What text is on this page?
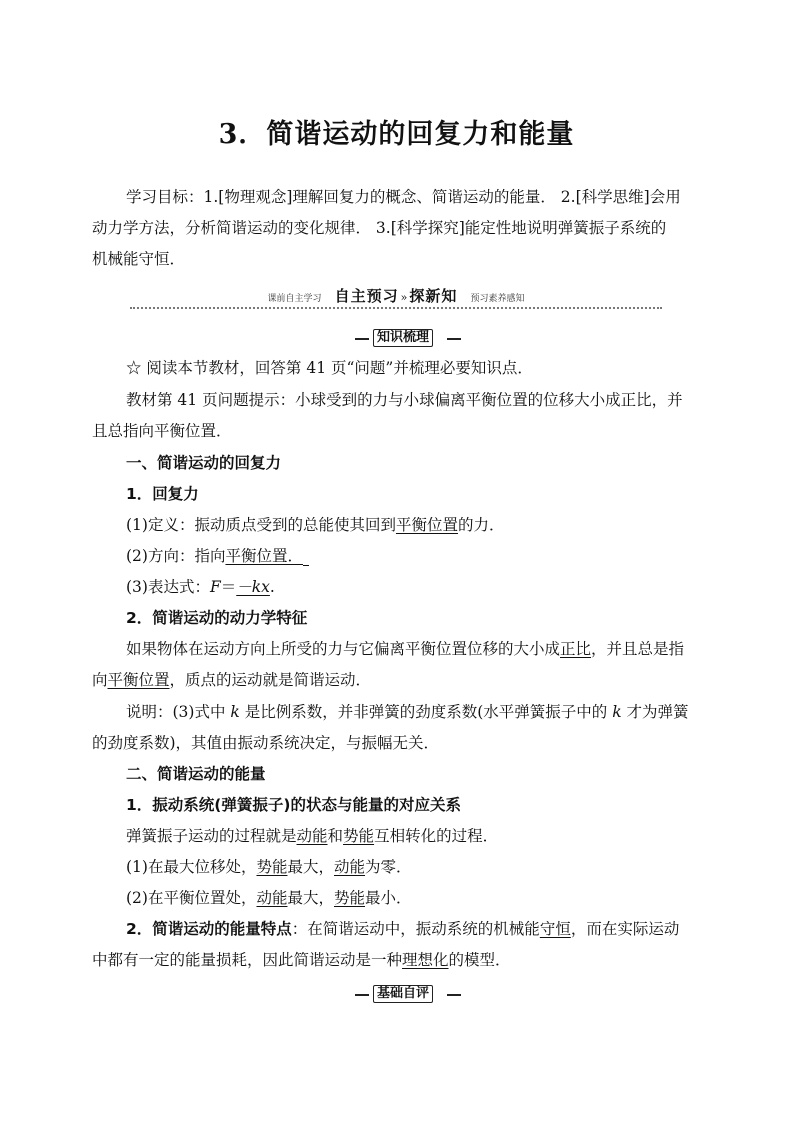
3．简谐运动的回复力和能量
学习目标：1.[物理观念]理解回复力的概念、简谐运动的能量． 2.[科学思维]会用
动力学方法，分析简谐运动的变化规律． 3.[科学探究]能定性地说明弹簧振子系统的
机械能守恒．
课前自主学习 自主预习 » 探新知 预习素养感知
知识梳理
☆ 阅读本节教材，回答第 41 页“问题”并梳理必要知识点．
教材第 41 页问题提示：小球受到的力与小球偏离平衡位置的位移大小成正比，并
且总指向平衡位置．
一、简谐运动的回复力
1．回复力
(1)定义：振动质点受到的总能使其回到平衡位置的力．
(2)方向：指向平衡位置．
(3)表达式：F＝－kx.
2．简谐运动的动力学特征
如果物体在运动方向上所受的力与它偏离平衡位置位移的大小成正比，并且总是指
向平衡位置，质点的运动就是简谐运动．
说明：(3)式中 k 是比例系数，并非弹簧的劲度系数(水平弹簧振子中的 k 才为弹簧
的劲度系数)，其值由振动系统决定，与振幅无关．
二、简谐运动的能量
1．振动系统(弹簧振子)的状态与能量的对应关系
弹簧振子运动的过程就是动能和势能互相转化的过程．
(1)在最大位移处，势能最大，动能为零．
(2)在平衡位置处，动能最大，势能最小．
2．简谐运动的能量特点：在简谐运动中，振动系统的机械能守恒，而在实际运动
中都有一定的能量损耗，因此简谐运动是一种理想化的模型．
基础自评
